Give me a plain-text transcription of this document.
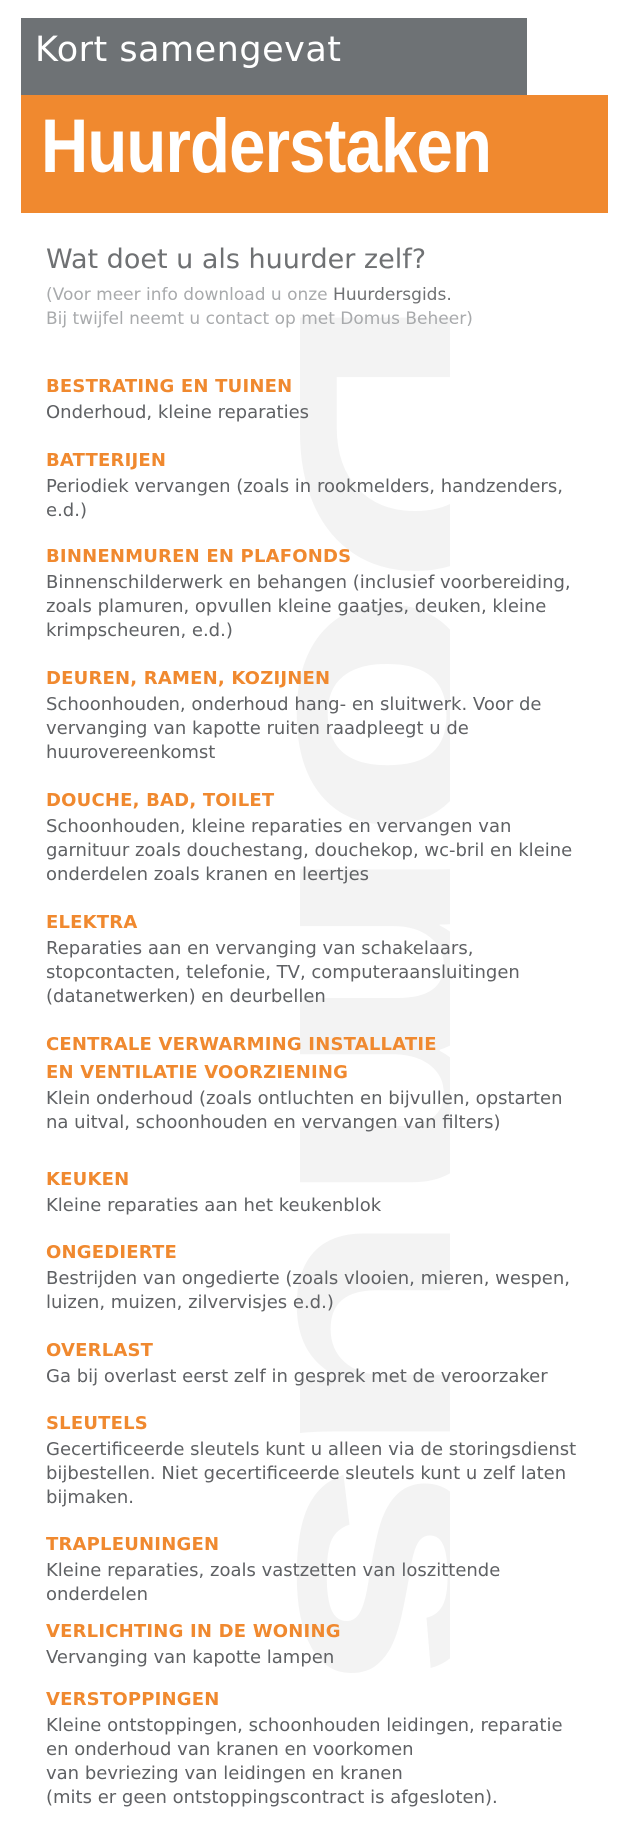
Domus
Kort samengevat
Huurderstaken
Wat doet u als huurder zelf?
(Voor meer info download u onze Huurdersgids.
Bij twijfel neemt u contact op met Domus Beheer)
BESTRATING EN TUINEN
Onderhoud, kleine reparaties
BATTERIJEN
Periodiek vervangen (zoals in rookmelders, handzenders,
e.d.)
BINNENMUREN EN PLAFONDS
Binnenschilderwerk en behangen (inclusief voorbereiding,
zoals plamuren, opvullen kleine gaatjes, deuken, kleine
krimpscheuren, e.d.)
DEUREN, RAMEN, KOZIJNEN
Schoonhouden, onderhoud hang- en sluitwerk. Voor de
vervanging van kapotte ruiten raadpleegt u de
huurovereenkomst
DOUCHE, BAD, TOILET
Schoonhouden, kleine reparaties en vervangen van
garnituur zoals douchestang, douchekop, wc-bril en kleine
onderdelen zoals kranen en leertjes
ELEKTRA
Reparaties aan en vervanging van schakelaars,
stopcontacten, telefonie, TV, computeraansluitingen
(datanetwerken) en deurbellen
CENTRALE VERWARMING INSTALLATIE
EN VENTILATIE VOORZIENING
Klein onderhoud (zoals ontluchten en bijvullen, opstarten
na uitval, schoonhouden en vervangen van filters)
KEUKEN
Kleine reparaties aan het keukenblok
ONGEDIERTE
Bestrijden van ongedierte (zoals vlooien, mieren, wespen,
luizen, muizen, zilvervisjes e.d.)
OVERLAST
Ga bij overlast eerst zelf in gesprek met de veroorzaker
SLEUTELS
Gecertificeerde sleutels kunt u alleen via de storingsdienst
bijbestellen. Niet gecertificeerde sleutels kunt u zelf laten
bijmaken.
TRAPLEUNINGEN
Kleine reparaties, zoals vastzetten van loszittende
onderdelen
VERLICHTING IN DE WONING
Vervanging van kapotte lampen
VERSTOPPINGEN
Kleine ontstoppingen, schoonhouden leidingen, reparatie
en onderhoud van kranen en voorkomen
van bevriezing van leidingen en kranen
(mits er geen ontstoppingscontract is afgesloten).
